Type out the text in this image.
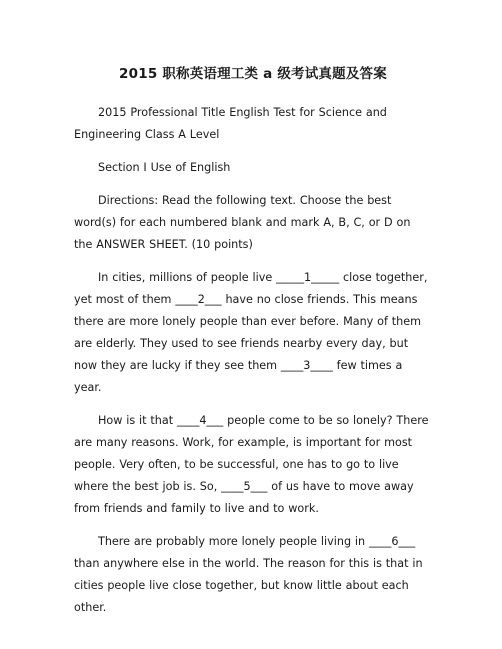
2015 职称英语理工类 a 级考试真题及答案

2015 Professional Title English Test for Science and Engineering Class A Level

Section I Use of English

Directions: Read the following text. Choose the best word(s) for each numbered blank and mark A, B, C, or D on the ANSWER SHEET. (10 points)

In cities, millions of people live _____1_____ close together, yet most of them ____2___ have no close friends. This means there are more lonely people than ever before. Many of them are elderly. They used to see friends nearby every day, but now they are lucky if they see them ____3____ few times a year.

How is it that ____4___ people come to be so lonely? There are many reasons. Work, for example, is important for most people. Very often, to be successful, one has to go to live where the best job is. So, ____5___ of us have to move away from friends and family to live and to work.

There are probably more lonely people living in ____6___ than anywhere else in the world. The reason for this is that in cities people live close together, but know little about each other.
